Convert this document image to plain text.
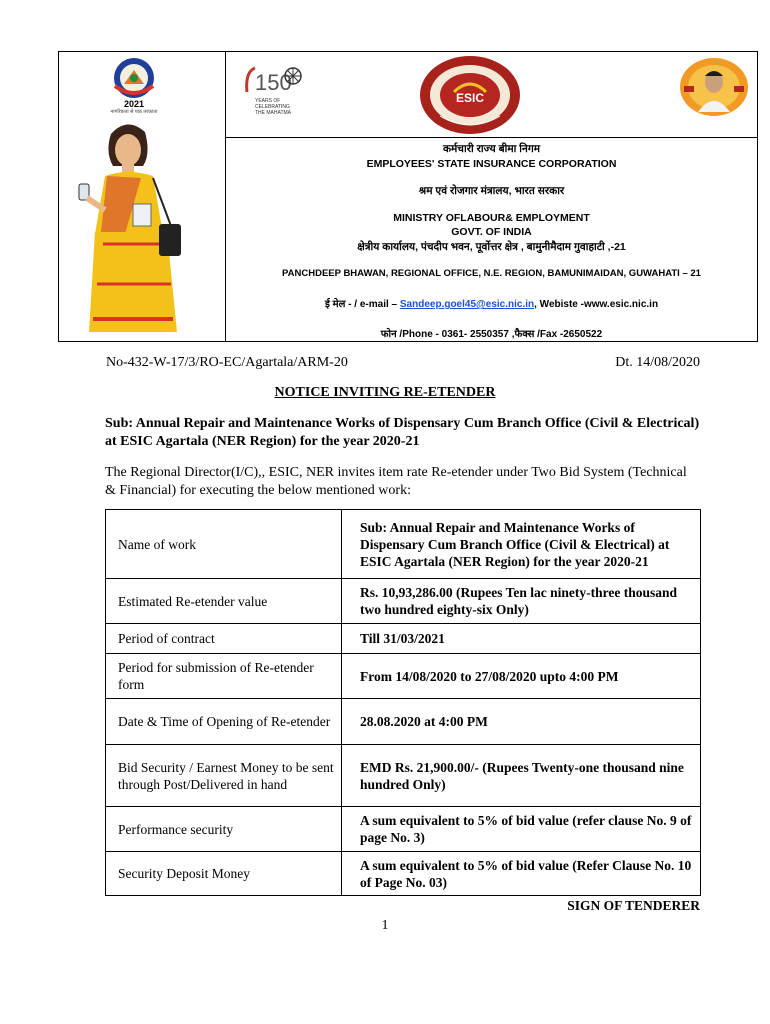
2021
नागरिकता से पाठ तरफ़ाता
150
YEARS OF
CELEBRATING
THE MAHATMA
ESIC
कर्मचारी राज्य बीमा निगम
EMPLOYEES' STATE INSURANCE CORPORATION
श्रम एवं रोजगार मंत्रालय, भारत सरकार
MINISTRY OFLABOUR& EMPLOYMENT
GOVT. OF INDIA
क्षेत्रीय कार्यालय, पंचदीप भवन, पूर्वोत्तर क्षेत्र , बामुनीमैदाम गुवाहाटी ,-21
PANCHDEEP BHAWAN, REGIONAL OFFICE, N.E. REGION, BAMUNIMAIDAN, GUWAHATI – 21
ई मेल - / e-mail – Sandeep.goel45@esic.nic.in, Webiste -www.esic.nic.in
फोन /Phone - 0361- 2550357 ,फैक्स /Fax -2650522
No-432-W-17/3/RO-EC/Agartala/ARM-20	Dt. 14/08/2020
NOTICE INVITING RE-ETENDER
Sub: Annual Repair and Maintenance Works of Dispensary Cum Branch Office (Civil & Electrical) at ESIC Agartala (NER Region) for the year 2020-21
The Regional Director(I/C),, ESIC, NER invites item rate Re-etender under Two Bid System (Technical & Financial) for executing the below mentioned work:
Name of work	Sub: Annual Repair and Maintenance Works of Dispensary Cum Branch Office (Civil & Electrical) at ESIC Agartala (NER Region) for the year 2020-21
Estimated Re-etender value	Rs. 10,93,286.00 (Rupees Ten lac ninety-three thousand two hundred eighty-six Only)
Period of contract	Till 31/03/2021
Period for submission of Re-etender form	From 14/08/2020 to 27/08/2020 upto 4:00 PM
Date & Time of Opening of Re-etender	28.08.2020 at 4:00 PM
Bid Security / Earnest Money to be sent through Post/Delivered in hand	EMD Rs. 21,900.00/- (Rupees Twenty-one thousand nine hundred Only)
Performance security	A sum equivalent to 5% of bid value (refer clause No. 9 of page No. 3)
Security Deposit Money	A sum equivalent to 5% of bid value (Refer Clause No. 10 of Page No. 03)
SIGN OF TENDERER
1
